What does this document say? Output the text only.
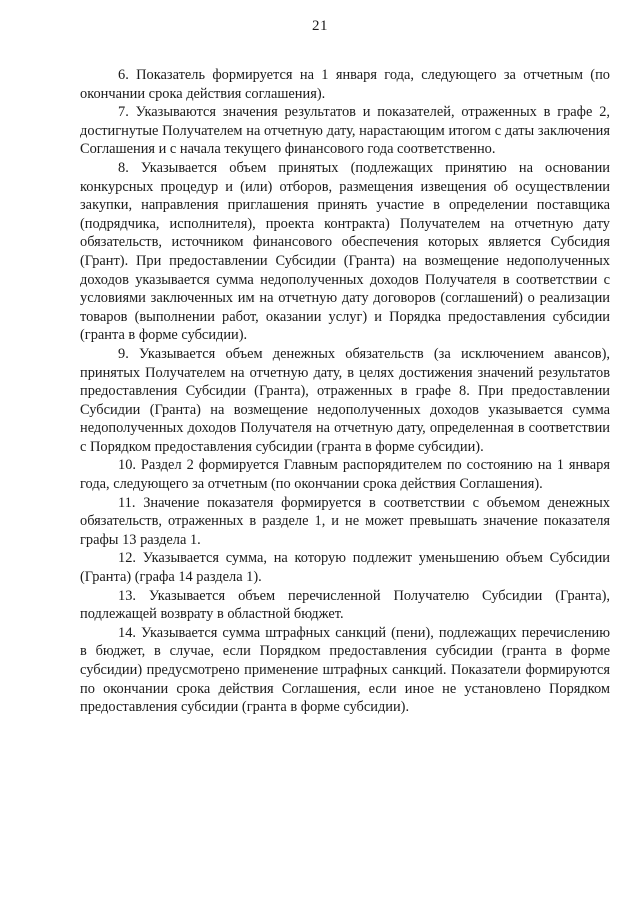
21

6. Показатель формируется на 1 января года, следующего за отчетным (по окончании срока действия соглашения).

7. Указываются значения результатов и показателей, отраженных в графе 2, достигнутые Получателем на отчетную дату, нарастающим итогом с даты заключения Соглашения и с начала текущего финансового года соответственно.

8. Указывается объем принятых (подлежащих принятию на основании конкурсных процедур и (или) отборов, размещения извещения об осуществлении закупки, направления приглашения принять участие в определении поставщика (подрядчика, исполнителя), проекта контракта) Получателем на отчетную дату обязательств, источником финансового обеспечения которых является Субсидия (Грант). При предоставлении Субсидии (Гранта) на возмещение недополученных доходов указывается сумма недополученных доходов Получателя в соответствии с условиями заключенных им на отчетную дату договоров (соглашений) о реализации товаров (выполнении работ, оказании услуг) и Порядка предоставления субсидии (гранта в форме субсидии).

9. Указывается объем денежных обязательств (за исключением авансов), принятых Получателем на отчетную дату, в целях достижения значений результатов предоставления Субсидии (Гранта), отраженных в графе 8. При предоставлении Субсидии (Гранта) на возмещение недополученных доходов указывается сумма недополученных доходов Получателя на отчетную дату, определенная в соответствии с Порядком предоставления субсидии (гранта в форме субсидии).

10. Раздел 2 формируется Главным распорядителем по состоянию на 1 января года, следующего за отчетным (по окончании срока действия Соглашения).

11. Значение показателя формируется в соответствии с объемом денежных обязательств, отраженных в разделе 1, и не может превышать значение показателя графы 13 раздела 1.

12. Указывается сумма, на которую подлежит уменьшению объем Субсидии (Гранта) (графа 14 раздела 1).

13. Указывается объем перечисленной Получателю Субсидии (Гранта), подлежащей возврату в областной бюджет.

14. Указывается сумма штрафных санкций (пени), подлежащих перечислению в бюджет, в случае, если Порядком предоставления субсидии (гранта в форме субсидии) предусмотрено применение штрафных санкций. Показатели формируются по окончании срока действия Соглашения, если иное не установлено Порядком предоставления субсидии (гранта в форме субсидии).
